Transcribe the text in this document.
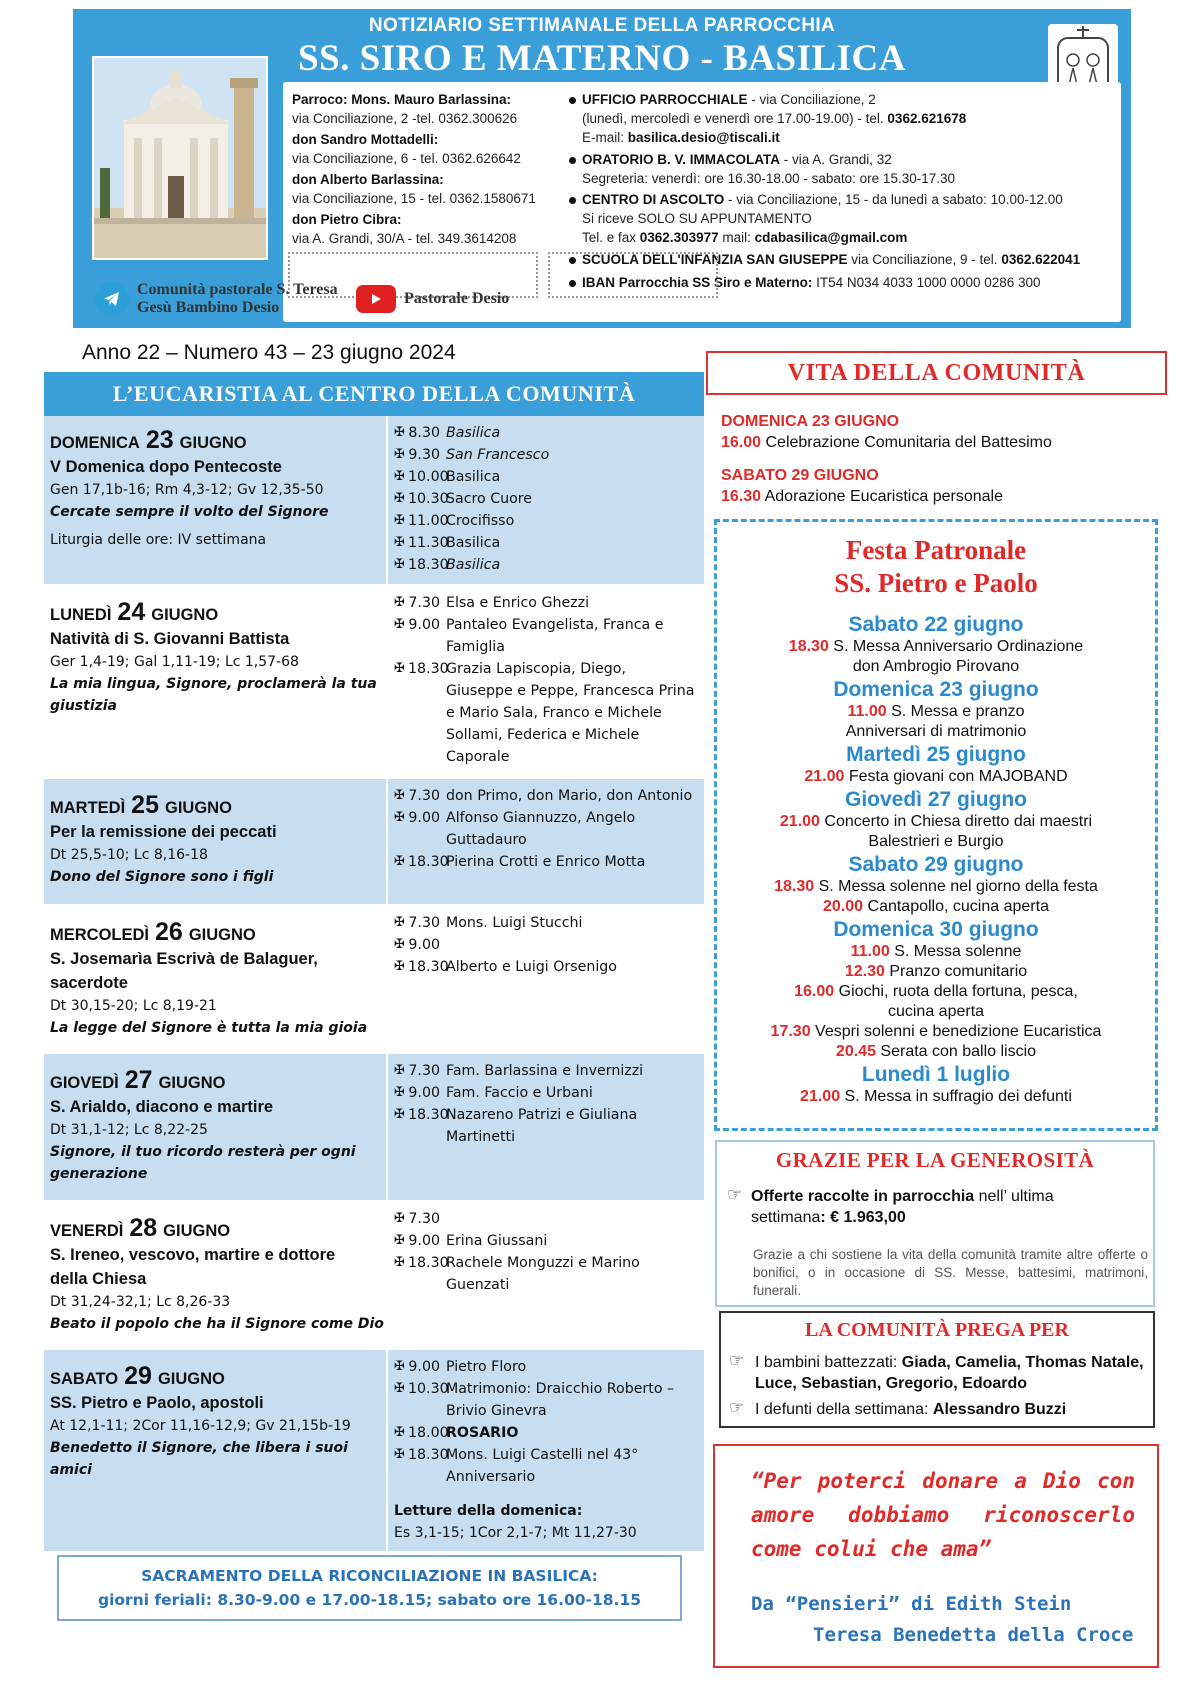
NOTIZIARIO SETTIMANALE DELLA PARROCCHIA
SS. SIRO E MATERNO - BASILICA
Parroco: Mons. Mauro Barlassina:
via Conciliazione, 2 -tel. 0362.300626
don Sandro Mottadelli:
via Conciliazione, 6 - tel. 0362.626642
don Alberto Barlassina:
via Conciliazione, 15 - tel. 0362.1580671
don Pietro Cibra:
via A. Grandi, 30/A - tel. 349.3614208
UFFICIO PARROCCHIALE - via Conciliazione, 2
(lunedì, mercoledì e venerdì ore 17.00-19.00) - tel. 0362.621678
E-mail: basilica.desio@tiscali.it
ORATORIO B. V. IMMACOLATA - via A. Grandi, 32
Segreteria: venerdì: ore 16.30-18.00 - sabato: ore 15.30-17.30
CENTRO DI ASCOLTO - via Conciliazione, 15 - da lunedì a sabato: 10.00-12.00
Si riceve SOLO SU APPUNTAMENTO
Tel. e fax 0362.303977 mail: cdabasilica@gmail.com
SCUOLA DELL'INFANZIA SAN GIUSEPPE via Conciliazione, 9 - tel. 0362.622041
IBAN Parrocchia SS Siro e Materno: IT54 N034 4033 1000 0000 0286 300
Comunità pastorale S. Teresa
Gesù Bambino Desio
Pastorale Desio
Anno 22 – Numero 43 – 23 giugno 2024
L’EUCARISTIA AL CENTRO DELLA COMUNITÀ
DOMENICA 23 GIUGNO
V Domenica dopo Pentecoste
Gen 17,1b-16; Rm 4,3-12; Gv 12,35-50
Cercate sempre il volto del Signore
Liturgia delle ore: IV settimana
✠ 8.30 Basilica
✠ 9.30 San Francesco
✠ 10.00
Basilica
✠ 10.30
Sacro Cuore
✠ 11.00
Crocifisso
✠ 11.30
Basilica
✠ 18.30
Basilica
LUNEDÌ 24 GIUGNO
Natività di S. Giovanni Battista
Ger 1,4-19; Gal 1,11-19; Lc 1,57-68
La mia lingua, Signore, proclamerà la tua giustizia
✠ 7.30 Elsa e Enrico Ghezzi
✠ 9.00 Pantaleo Evangelista, Franca e Famiglia
✠ 18.30
Grazia Lapiscopia, Diego, Giuseppe e Peppe, Francesca Prina e Mario Sala, Franco e Michele Sollami, Federica e Michele Caporale
MARTEDÌ 25 GIUGNO
Per la remissione dei peccati
Dt 25,5-10; Lc 8,16-18
Dono del Signore sono i figli
✠ 7.30 don Primo, don Mario, don Antonio
✠ 9.00 Alfonso Giannuzzo, Angelo Guttadauro
✠ 18.30
Pierina Crotti e Enrico Motta
MERCOLEDÌ 26 GIUGNO
S. Josemarìa Escrivà de Balaguer,
sacerdote
Dt 30,15-20; Lc 8,19-21
La legge del Signore è tutta la mia gioia
✠ 7.30 Mons. Luigi Stucchi
✠ 9.00
✠ 18.30
Alberto e Luigi Orsenigo
GIOVEDÌ 27 GIUGNO
S. Arialdo, diacono e martire
Dt 31,1-12; Lc 8,22-25
Signore, il tuo ricordo resterà per ogni generazione
✠ 7.30 Fam. Barlassina e Invernizzi
✠ 9.00 Fam. Faccio e Urbani
✠ 18.30
Nazareno Patrizi e Giuliana Martinetti
VENERDÌ 28 GIUGNO
S. Ireneo, vescovo, martire e dottore
della Chiesa
Dt 31,24-32,1; Lc 8,26-33
Beato il popolo che ha il Signore come Dio
✠ 7.30
✠ 9.00 Erina Giussani
✠ 18.30
Rachele Monguzzi e Marino Guenzati
SABATO 29 GIUGNO
SS. Pietro e Paolo, apostoli
At 12,1-11; 2Cor 11,16-12,9; Gv 21,15b-19
Benedetto il Signore, che libera i suoi amici
✠ 9.00 Pietro Floro
✠ 10.30
Matrimonio: Draicchio Roberto – Brivio Ginevra
✠ 18.00
ROSARIO
✠ 18.30
Mons. Luigi Castelli nel 43° Anniversario
Letture della domenica:
Es 3,1-15; 1Cor 2,1-7; Mt 11,27-30
SACRAMENTO DELLA RICONCILIAZIONE IN BASILICA:
giorni feriali: 8.30-9.00 e 17.00-18.15; sabato ore 16.00-18.15
VITA DELLA COMUNITÀ
DOMENICA 23 GIUGNO
16.00 Celebrazione Comunitaria del Battesimo
SABATO 29 GIUGNO
16.30 Adorazione Eucaristica personale
Festa Patronale
SS. Pietro e Paolo
Sabato 22 giugno
18.30 S. Messa Anniversario Ordinazione
don Ambrogio Pirovano
Domenica 23 giugno
11.00 S. Messa e pranzo
Anniversari di matrimonio
Martedì 25 giugno
21.00 Festa giovani con MAJOBAND
Giovedì 27 giugno
21.00 Concerto in Chiesa diretto dai maestri
Balestrieri e Burgio
Sabato 29 giugno
18.30 S. Messa solenne nel giorno della festa
20.00 Cantapollo, cucina aperta
Domenica 30 giugno
11.00 S. Messa solenne
12.30 Pranzo comunitario
16.00 Giochi, ruota della fortuna, pesca,
cucina aperta
17.30 Vespri solenni e benedizione Eucaristica
20.45 Serata con ballo liscio
Lunedì 1 luglio
21.00 S. Messa in suffragio dei defunti
GRAZIE PER LA GENEROSITÀ
☞ Offerte raccolte in parrocchia nell’ ultima
settimana: € 1.963,00
Grazie a chi sostiene la vita della comunità tramite altre offerte o bonifici, o in occasione di SS. Messe, battesimi, matrimoni, funerali.
LA COMUNITÀ PREGA PER
☞ I bambini battezzati: Giada, Camelia, Thomas Natale, Luce, Sebastian, Gregorio, Edoardo
☞ I defunti della settimana: Alessandro Buzzi
“Per poterci donare a Dio con amore dobbiamo riconoscerlo come colui che ama”
Da “Pensieri” di Edith Stein
Teresa Benedetta della Croce
